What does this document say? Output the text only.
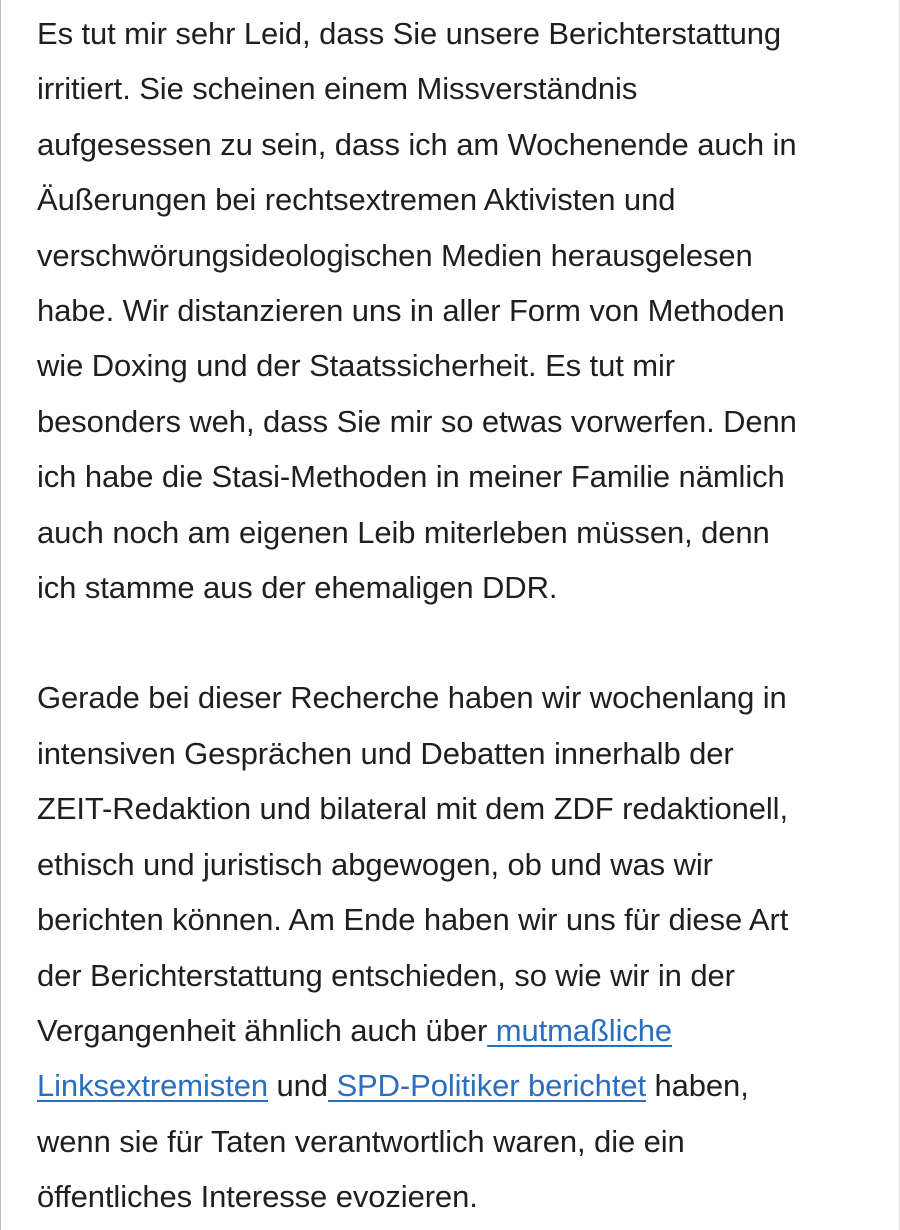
Es tut mir sehr Leid, dass Sie unsere Berichterstattung
irritiert. Sie scheinen einem Missverständnis
aufgesessen zu sein, dass ich am Wochenende auch in
Äußerungen bei rechtsextremen Aktivisten und
verschwörungsideologischen Medien herausgelesen
habe. Wir distanzieren uns in aller Form von Methoden
wie Doxing und der Staatssicherheit. Es tut mir
besonders weh, dass Sie mir so etwas vorwerfen. Denn
ich habe die Stasi-Methoden in meiner Familie nämlich
auch noch am eigenen Leib miterleben müssen, denn
ich stamme aus der ehemaligen DDR.

Gerade bei dieser Recherche haben wir wochenlang in
intensiven Gesprächen und Debatten innerhalb der
ZEIT-Redaktion und bilateral mit dem ZDF redaktionell,
ethisch und juristisch abgewogen, ob und was wir
berichten können. Am Ende haben wir uns für diese Art
der Berichterstattung entschieden, so wie wir in der
Vergangenheit ähnlich auch über mutmaßliche
Linksextremisten und SPD-Politiker berichtet haben,
wenn sie für Taten verantwortlich waren, die ein
öffentliches Interesse evozieren.
